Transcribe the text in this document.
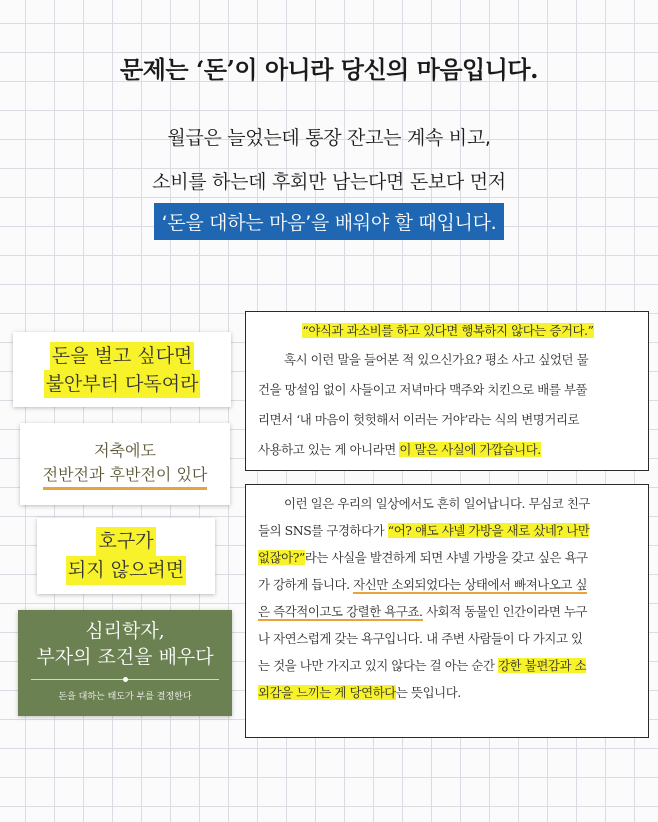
문제는 ‘돈’이 아니라 당신의 마음입니다.
월급은 늘었는데 통장 잔고는 계속 비고,
소비를 하는데 후회만 남는다면 돈보다 먼저
‘돈을 대하는 마음’을 배워야 할 때입니다.
돈을 벌고 싶다면
불안부터 다독여라
저축에도
전반전과 후반전이 있다
호구가
되지 않으려면
심리학자,
부자의 조건을 배우다
돈을 대하는 태도가 부를 결정한다
“야식과 과소비를 하고 있다면 행복하지 않다는 증거다.”
혹시 이런 말을 들어본 적 있으신가요? 평소 사고 싶었던 물
건을 망설임 없이 사들이고 저녁마다 맥주와 치킨으로 배를 부풀
리면서 ‘내 마음이 헛헛해서 이러는 거야’라는 식의 변명거리로
사용하고 있는 게 아니라면 이 말은 사실에 가깝습니다.
이런 일은 우리의 일상에서도 흔히 일어납니다. 무심코 친구
들의 SNS를 구경하다가 “어? 얘도 샤넬 가방을 새로 샀네? 나만
없잖아?”라는 사실을 발견하게 되면 샤넬 가방을 갖고 싶은 욕구
가 강하게 듭니다. 자신만 소외되었다는 상태에서 빠져나오고 싶
은 즉각적이고도 강렬한 욕구죠. 사회적 동물인 인간이라면 누구
나 자연스럽게 갖는 욕구입니다. 내 주변 사람들이 다 가지고 있
는 것을 나만 가지고 있지 않다는 걸 아는 순간 강한 불편감과 소
외감을 느끼는 게 당연하다는 뜻입니다.
